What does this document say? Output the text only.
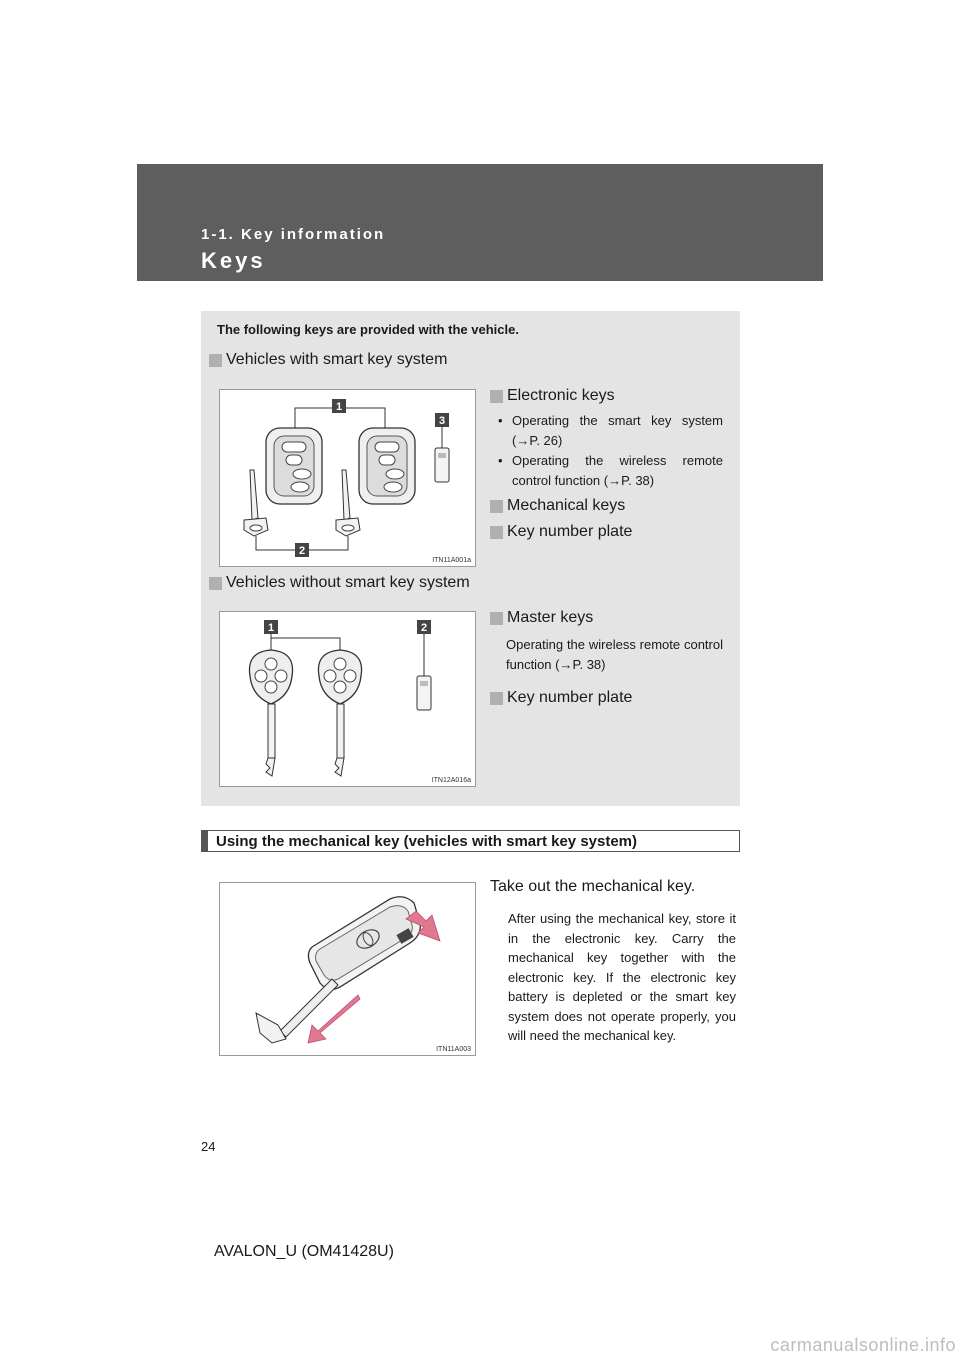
1-1. Key information
Keys
The following keys are provided with the vehicle.
Vehicles with smart key system
1
3
2
ITN11A001a
Electronic keys
• Operating the smart key system (→P. 26)
• Operating the wireless remote control function (→P. 38)
Mechanical keys
Key number plate
Vehicles without smart key system
1	2
ITN12A016a
Master keys
Operating the wireless remote control function (→P. 38)
Key number plate
Using the mechanical key (vehicles with smart key system)
ITN11A003
Take out the mechanical key.
After using the mechanical key, store it in the electronic key. Carry the mechanical key together with the electronic key. If the electronic key battery is depleted or the smart key system does not operate properly, you will need the mechanical key.
24
AVALON_U (OM41428U)
carmanualsonline.info
